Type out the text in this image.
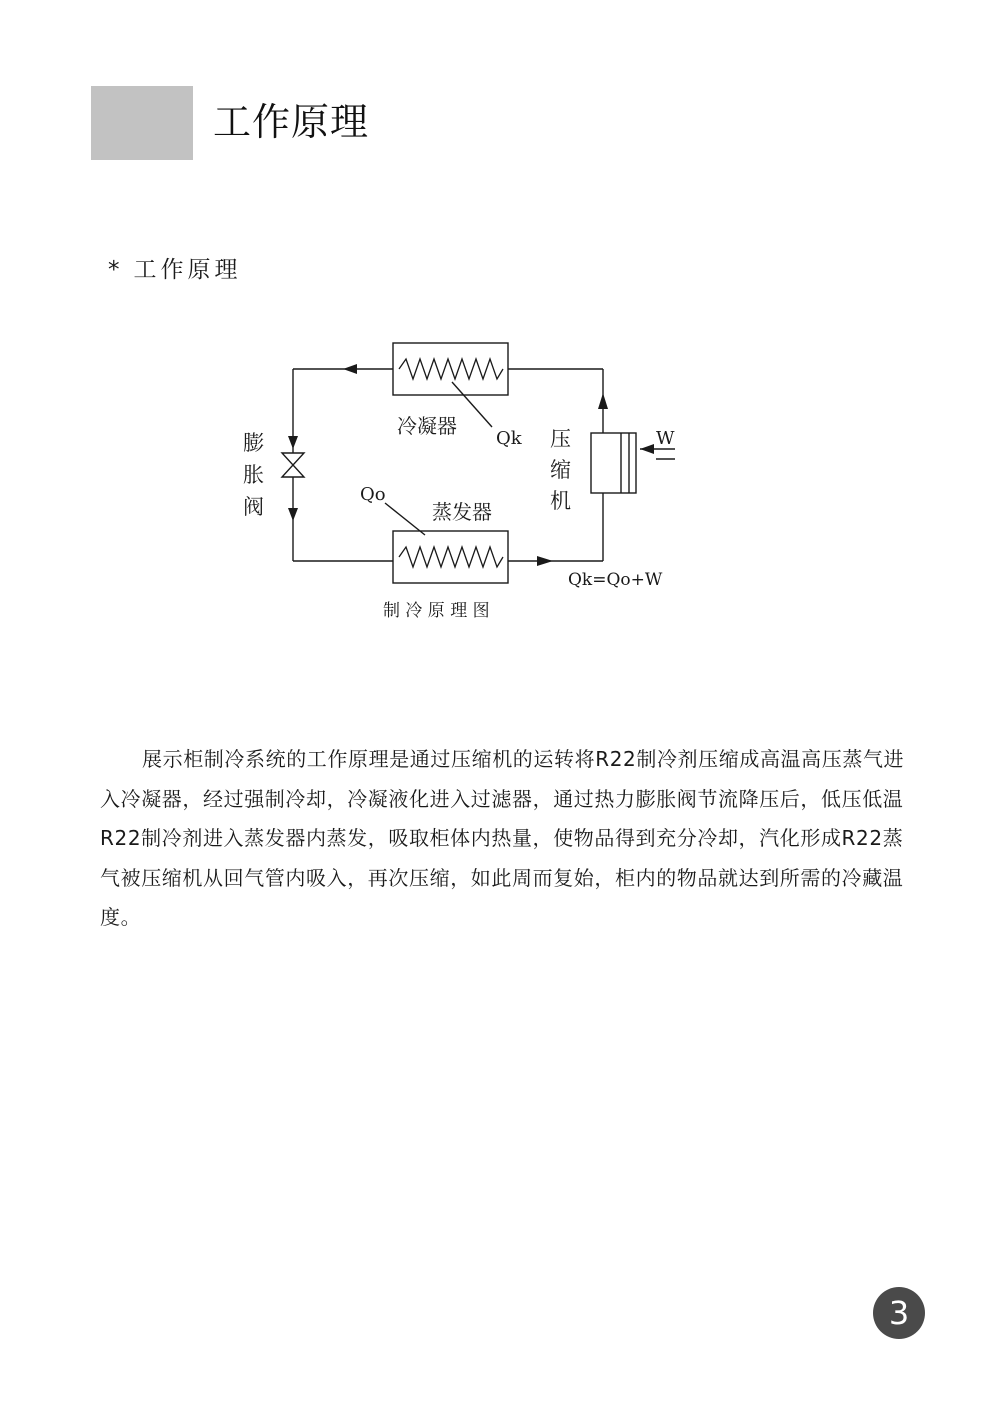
工作原理
* 工作原理
冷凝器
Qk 压
缩
机
膨
胀
阀
W
Qo
蒸发器
Qk=Qo+W
制 冷 原 理 图

展示柜制冷系统的工作原理是通过压缩机的运转将R22制冷剂压缩成高温高压蒸气进入冷凝器，经过强制冷却，冷凝液化进入过滤器，通过热力膨胀阀节流降压后，低压低温R22制冷剂进入蒸发器内蒸发，吸取柜体内热量，使物品得到充分冷却，汽化形成R22蒸气被压缩机从回气管内吸入，再次压缩，如此周而复始，柜内的物品就达到所需的冷藏温度。

3
